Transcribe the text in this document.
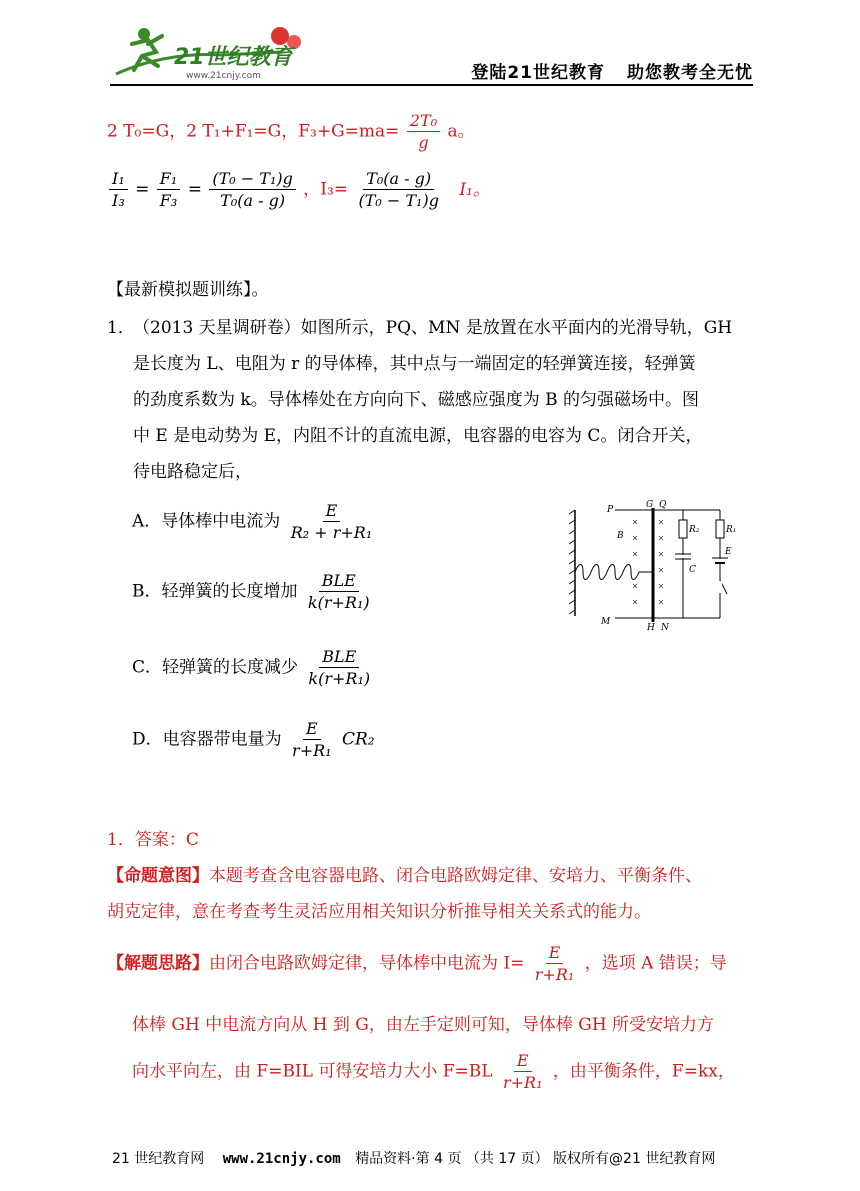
21世纪教育
www.21cnjy.com	登陆21世纪教育 助您教考全无忧
2 T₀=G，2 T₁+F₁=G，$F_3+G=ma= \frac{\text{2T₀}}{g}$ a。
$\frac{\text{I₁}}{\text{I₃}} = \frac{\text{F₁}}{\text{F₃}} = \frac{\text{(T₀ − T₁)g}}{\text{T₀(a - g)}}$ ，$I_3= \frac{\text{T₀(a - g)}}{\text{(T₀ − T₁)g}} I_1$。
【最新模拟题训练】。
1．
（2013 天星调研卷）如图所示，PQ、MN 是放置在水平面内的光滑导轨，GH
是长度为 L、电阻为 r 的导体棒，其中点与一端固定的轻弹簧连接，轻弹簧
的劲度系数为 k。导体棒处在方向向下、磁感应强度为 B 的匀强磁场中。图
中 E 是电动势为 E，内阻不计的直流电源，电容器的电容为 C。闭合开关，
待电路稳定后，
A．导体棒中电流为 $\frac{E}{\text{R₂ + r+R₁}}$
B．轻弹簧的长度增加 $\frac{\text{BLE}}{\text{k(r+R₁)}}$
C．轻弹簧的长度减少 $\frac{\text{BLE}}{\text{k(r+R₁)}}$
D．电容器带电量为 $\frac{E}{\text{r+R₁}} CR_2$
P	G Q
B
R₂	R₁
E
C
M
H N
1．答案：C
【命题意图】本题考查含电容器电路、闭合电路欧姆定律、安培力、平衡条件、
胡克定律，意在考查考生灵活应用相关知识分析推导相关关系式的能力。
【解题思路】由闭合电路欧姆定律，导体棒中电流为 $I= \frac{E}{\text{r+R₁}}$ ，选项 A 错误；导
体棒 GH 中电流方向从 H 到 G，由左手定则可知，导体棒 GH 所受安培力方
向水平向左，由 F=BIL 可得安培力大小 $F=BL \frac{E}{\text{r+R₁}}$ ，由平衡条件，F=kx，
21 世纪教育网 www.21cnjy.com 精品资料·第 4 页 （共 17 页） 版权所有@21 世纪教育网
